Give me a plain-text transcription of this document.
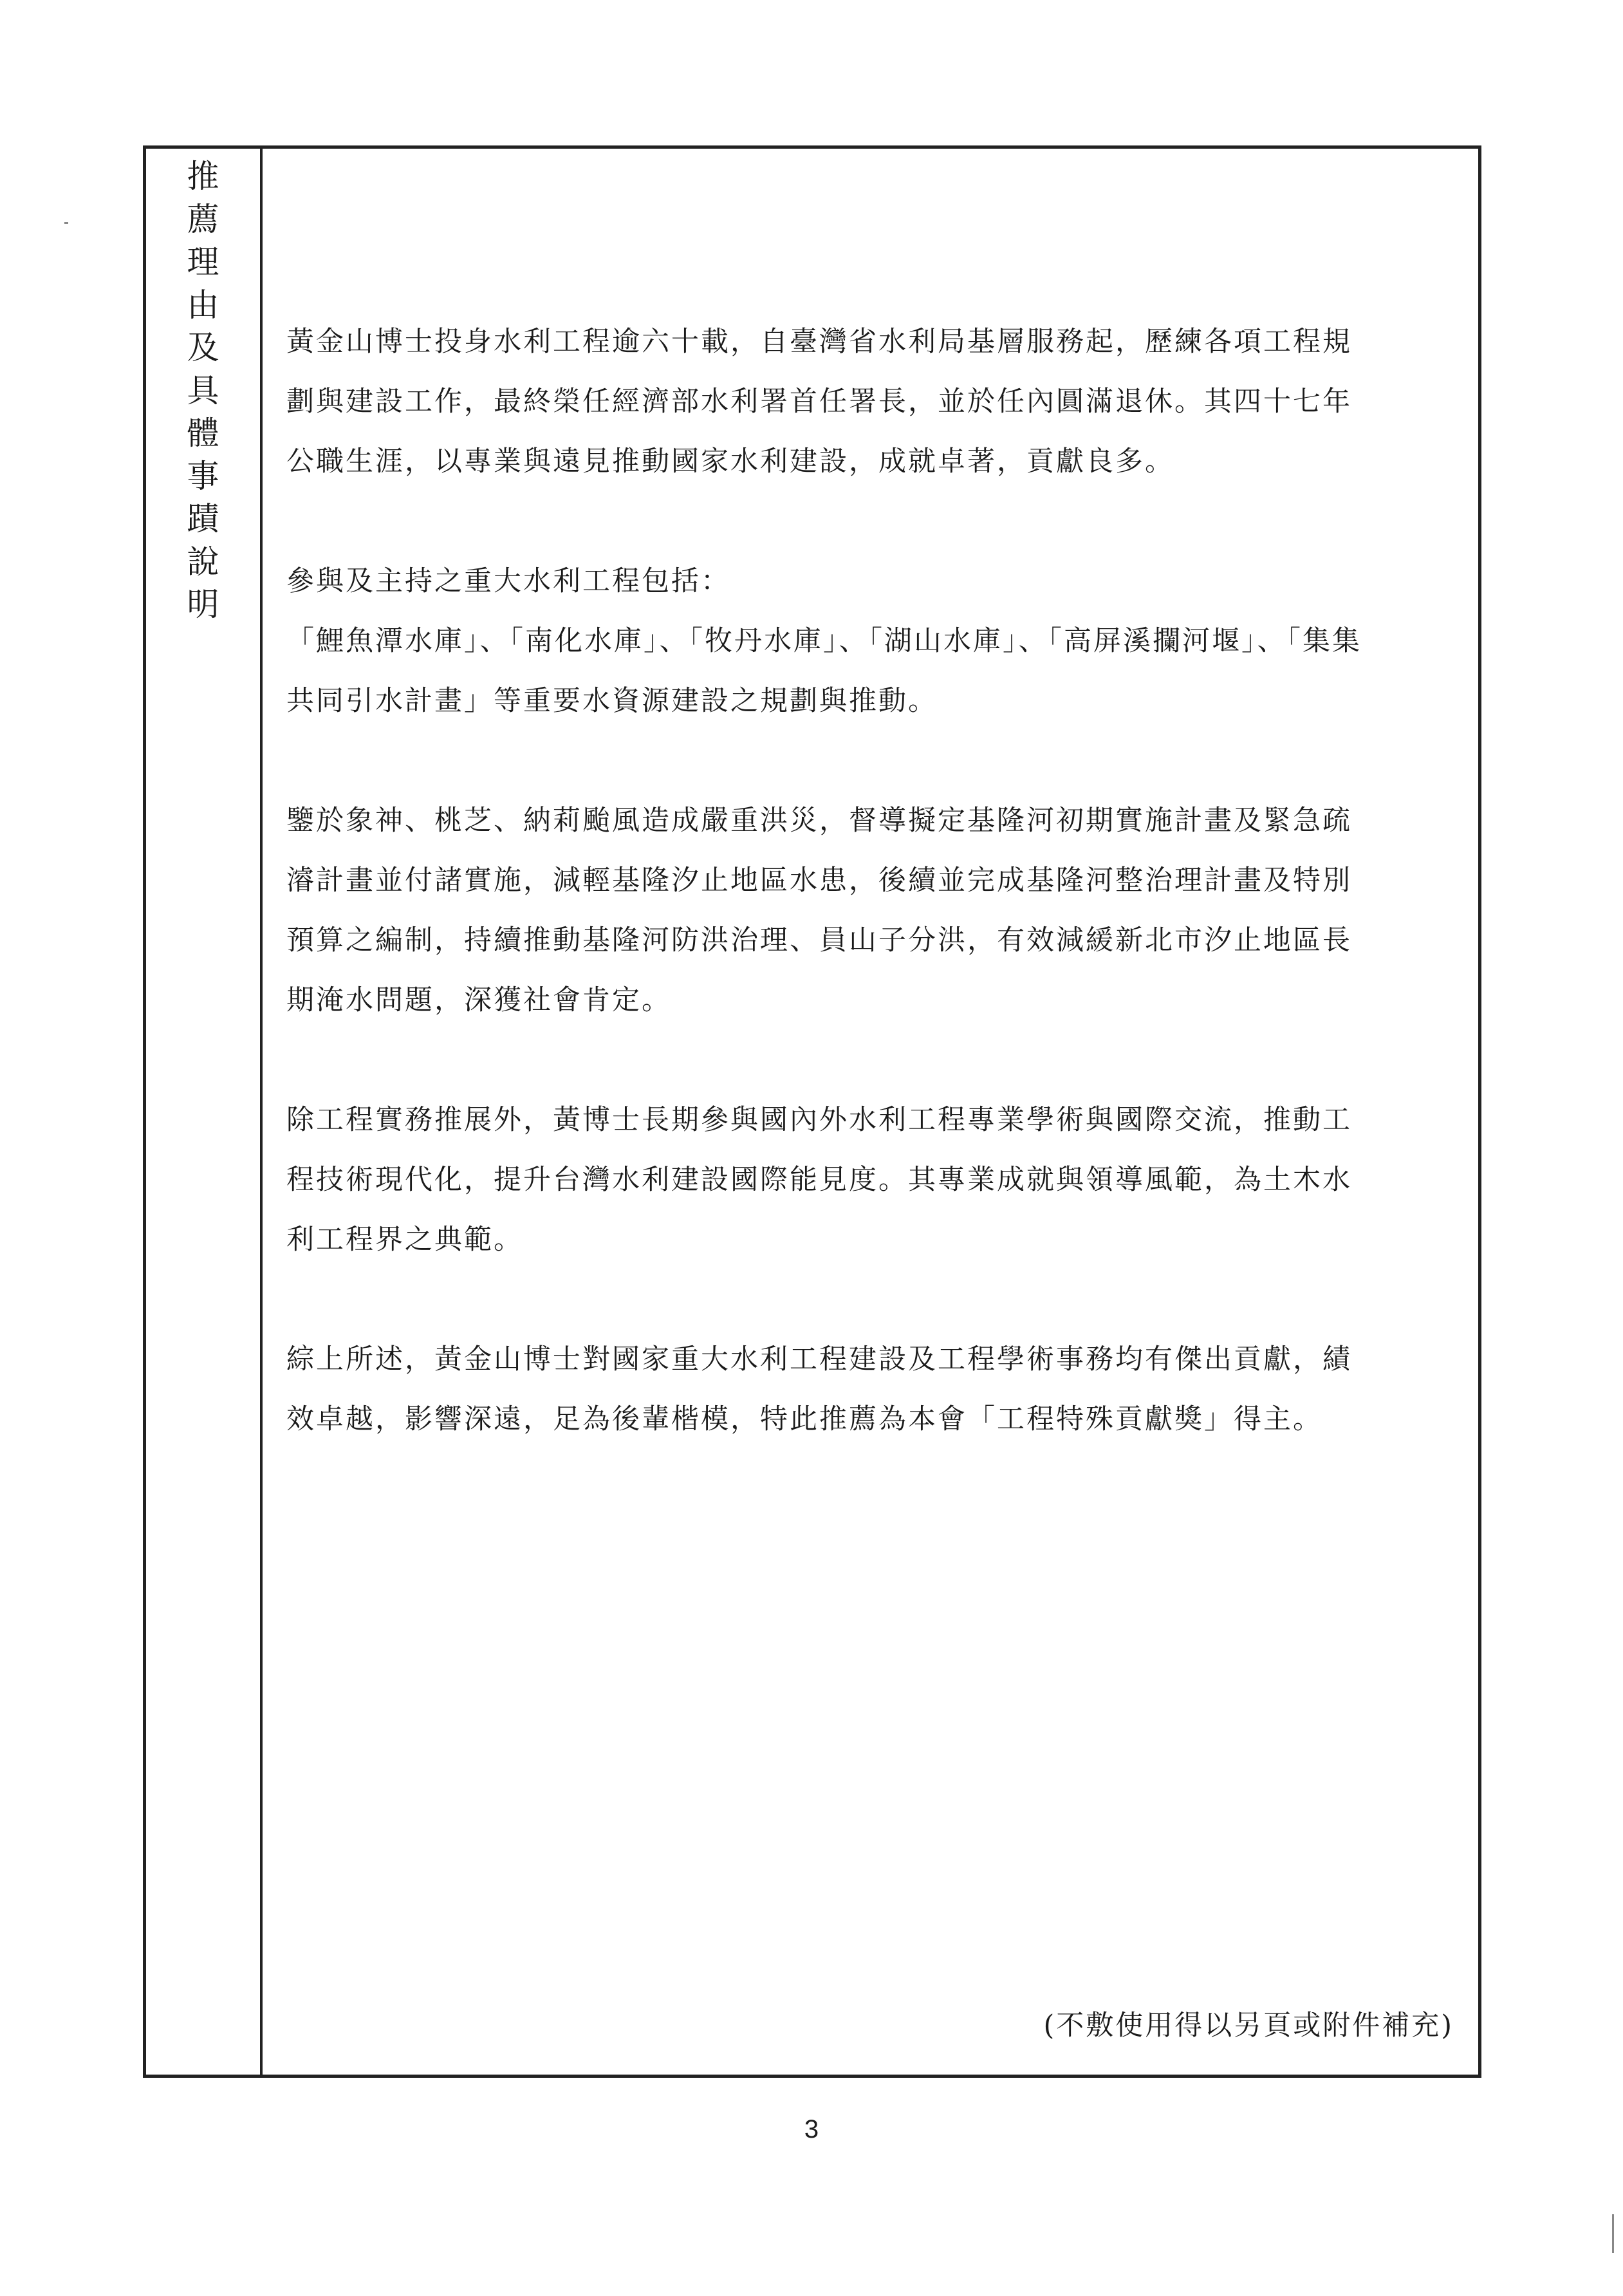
推
薦
理
由
及
具
體
事
蹟
說
明

黃金山博士投身水利工程逾六十載，自臺灣省水利局基層服務起，歷練各項工程規
劃與建設工作，最終榮任經濟部水利署首任署長，並於任內圓滿退休。其四十七年
公職生涯，以專業與遠見推動國家水利建設，成就卓著，貢獻良多。

參與及主持之重大水利工程包括：
「鯉魚潭水庫」、「南化水庫」、「牧丹水庫」、「湖山水庫」、「高屏溪攔河堰」、「集集
共同引水計畫」等重要水資源建設之規劃與推動。

鑒於象神、桃芝、納莉颱風造成嚴重洪災，督導擬定基隆河初期實施計畫及緊急疏
濬計畫並付諸實施，減輕基隆汐止地區水患，後續並完成基隆河整治理計畫及特別
預算之編制，持續推動基隆河防洪治理、員山子分洪，有效減緩新北市汐止地區長
期淹水問題，深獲社會肯定。

除工程實務推展外，黃博士長期參與國內外水利工程專業學術與國際交流，推動工
程技術現代化，提升台灣水利建設國際能見度。其專業成就與領導風範，為土木水
利工程界之典範。

綜上所述，黃金山博士對國家重大水利工程建設及工程學術事務均有傑出貢獻，績
效卓越，影響深遠，足為後輩楷模，特此推薦為本會「工程特殊貢獻獎」得主。

(不敷使用得以另頁或附件補充)
3
